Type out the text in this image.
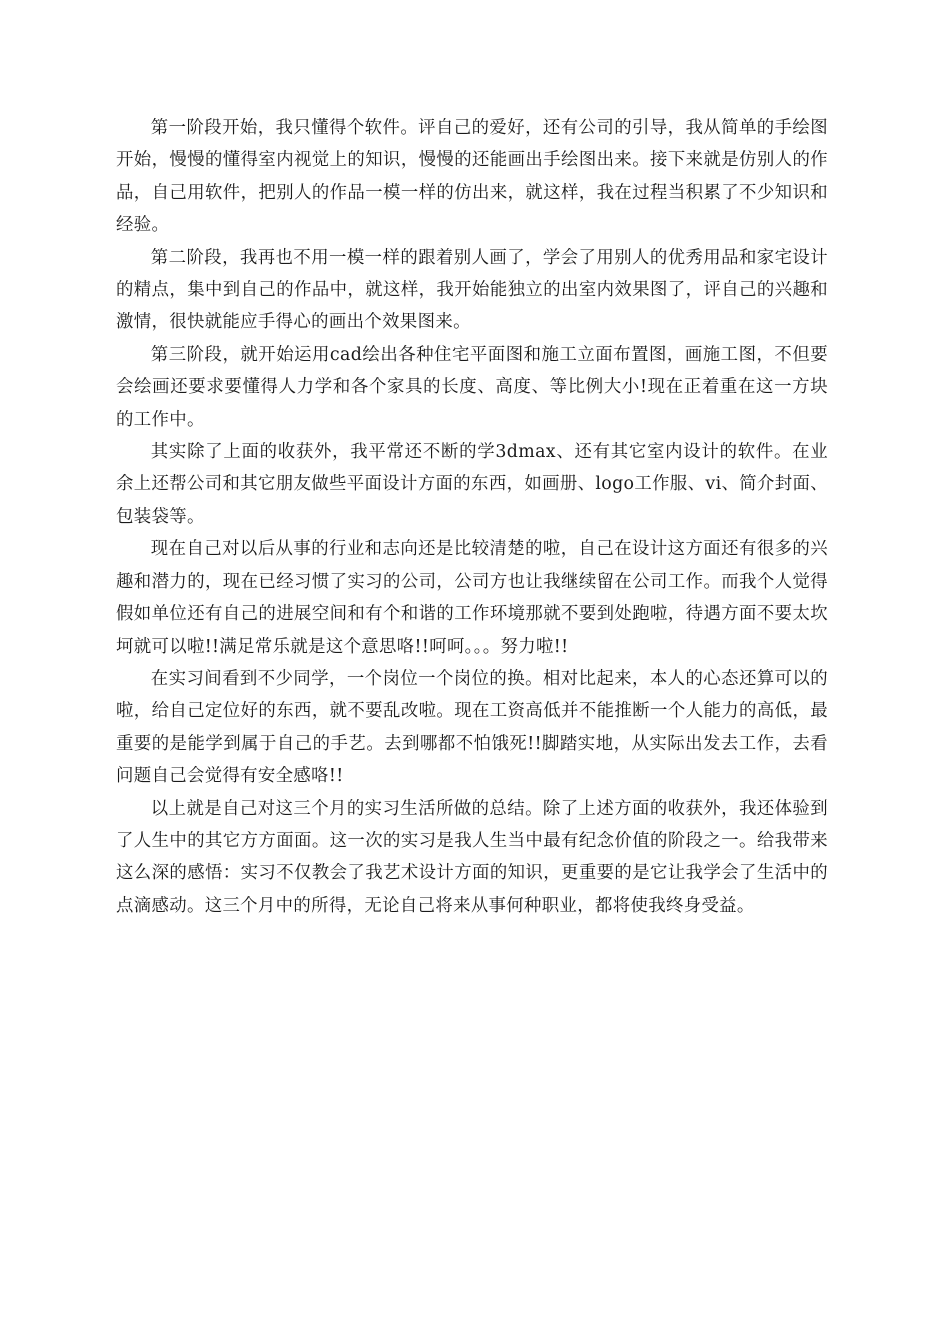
第一阶段开始，我只懂得个软件。评自己的爱好，还有公司的引导，我从简单的手绘图开始，慢慢的懂得室内视觉上的知识，慢慢的还能画出手绘图出来。接下来就是仿别人的作品，自己用软件，把别人的作品一模一样的仿出来，就这样，我在过程当积累了不少知识和经验。

第二阶段，我再也不用一模一样的跟着别人画了，学会了用别人的优秀用品和家宅设计的精点，集中到自己的作品中，就这样，我开始能独立的出室内效果图了，评自己的兴趣和激情，很快就能应手得心的画出个效果图来。

第三阶段，就开始运用cad绘出各种住宅平面图和施工立面布置图，画施工图，不但要会绘画还要求要懂得人力学和各个家具的长度、高度、等比例大小!现在正着重在这一方块的工作中。

其实除了上面的收获外，我平常还不断的学3dmax、还有其它室内设计的软件。在业余上还帮公司和其它朋友做些平面设计方面的东西，如画册、logo工作服、vi、简介封面、包装袋等。

现在自己对以后从事的行业和志向还是比较清楚的啦，自己在设计这方面还有很多的兴趣和潜力的，现在已经习惯了实习的公司，公司方也让我继续留在公司工作。而我个人觉得假如单位还有自己的进展空间和有个和谐的工作环境那就不要到处跑啦，待遇方面不要太坎坷就可以啦!!满足常乐就是这个意思咯!!呵呵。。。努力啦!!

在实习间看到不少同学，一个岗位一个岗位的换。相对比起来，本人的心态还算可以的啦，给自己定位好的东西，就不要乱改啦。现在工资高低并不能推断一个人能力的高低，最重要的是能学到属于自己的手艺。去到哪都不怕饿死!!脚踏实地，从实际出发去工作，去看问题自己会觉得有安全感咯!!

以上就是自己对这三个月的实习生活所做的总结。除了上述方面的收获外，我还体验到了人生中的其它方方面面。这一次的实习是我人生当中最有纪念价值的阶段之一。给我带来这么深的感悟：实习不仅教会了我艺术设计方面的知识，更重要的是它让我学会了生活中的点滴感动。这三个月中的所得，无论自己将来从事何种职业，都将使我终身受益。
